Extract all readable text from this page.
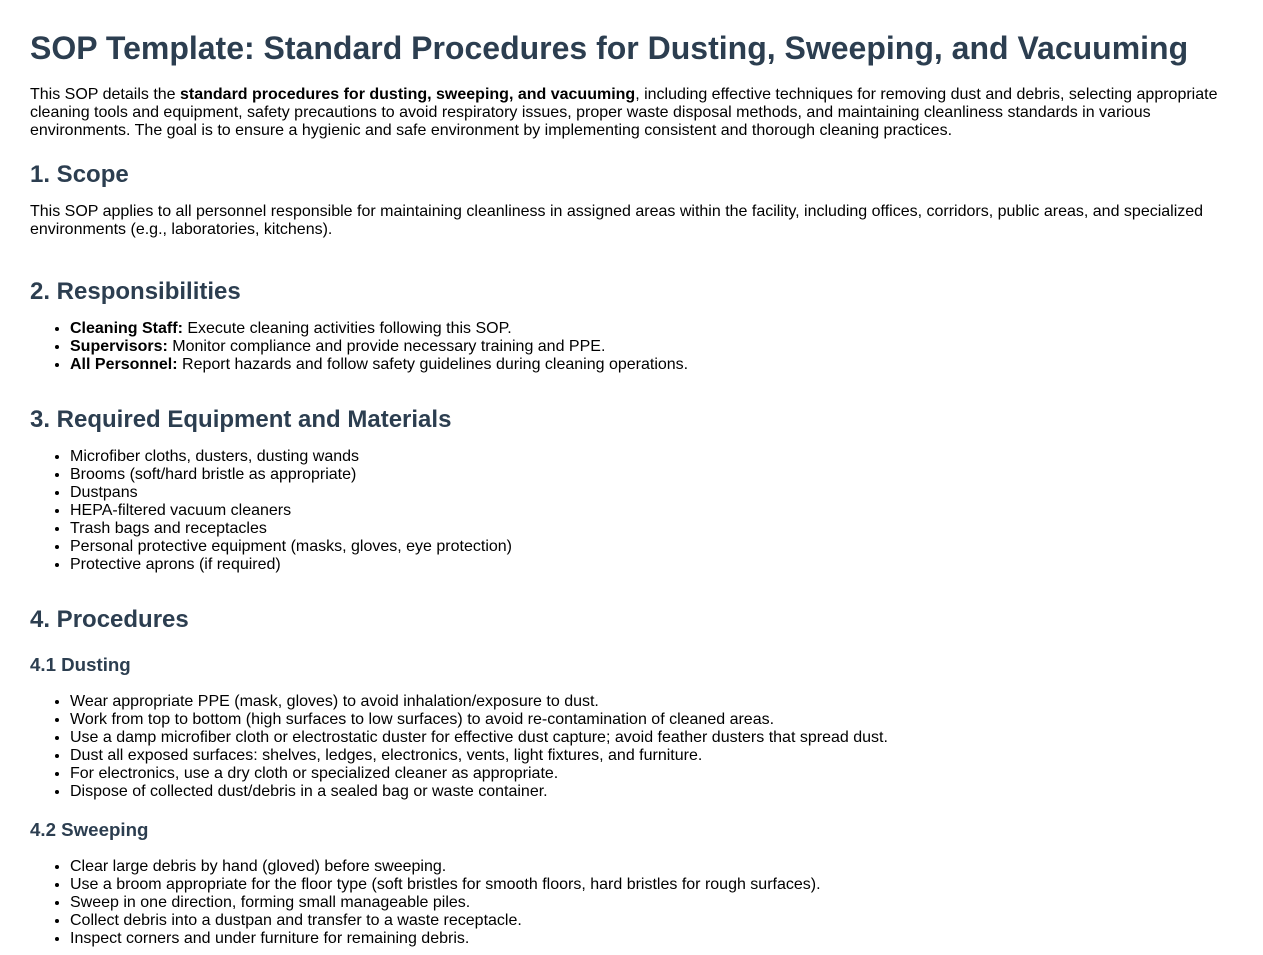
SOP Template: Standard Procedures for Dusting, Sweeping, and Vacuuming

This SOP details the standard procedures for dusting, sweeping, and vacuuming, including effective techniques for removing dust and debris, selecting appropriate cleaning tools and equipment, safety precautions to avoid respiratory issues, proper waste disposal methods, and maintaining cleanliness standards in various environments. The goal is to ensure a hygienic and safe environment by implementing consistent and thorough cleaning practices.

1. Scope

This SOP applies to all personnel responsible for maintaining cleanliness in assigned areas within the facility, including offices, corridors, public areas, and specialized environments (e.g., laboratories, kitchens).

2. Responsibilities
• Cleaning Staff: Execute cleaning activities following this SOP.
• Supervisors: Monitor compliance and provide necessary training and PPE.
• All Personnel: Report hazards and follow safety guidelines during cleaning operations.
3. Required Equipment and Materials
• Microfiber cloths, dusters, dusting wands
• Brooms (soft/hard bristle as appropriate)
• Dustpans
• HEPA-filtered vacuum cleaners
• Trash bags and receptacles
• Personal protective equipment (masks, gloves, eye protection)
• Protective aprons (if required)
4. Procedures
4.1 Dusting
• Wear appropriate PPE (mask, gloves) to avoid inhalation/exposure to dust.
• Work from top to bottom (high surfaces to low surfaces) to avoid re-contamination of cleaned areas.
• Use a damp microfiber cloth or electrostatic duster for effective dust capture; avoid feather dusters that spread dust.
• Dust all exposed surfaces: shelves, ledges, electronics, vents, light fixtures, and furniture.
• For electronics, use a dry cloth or specialized cleaner as appropriate.
• Dispose of collected dust/debris in a sealed bag or waste container.
4.2 Sweeping
• Clear large debris by hand (gloved) before sweeping.
• Use a broom appropriate for the floor type (soft bristles for smooth floors, hard bristles for rough surfaces).
• Sweep in one direction, forming small manageable piles.
• Collect debris into a dustpan and transfer to a waste receptacle.
• Inspect corners and under furniture for remaining debris.
